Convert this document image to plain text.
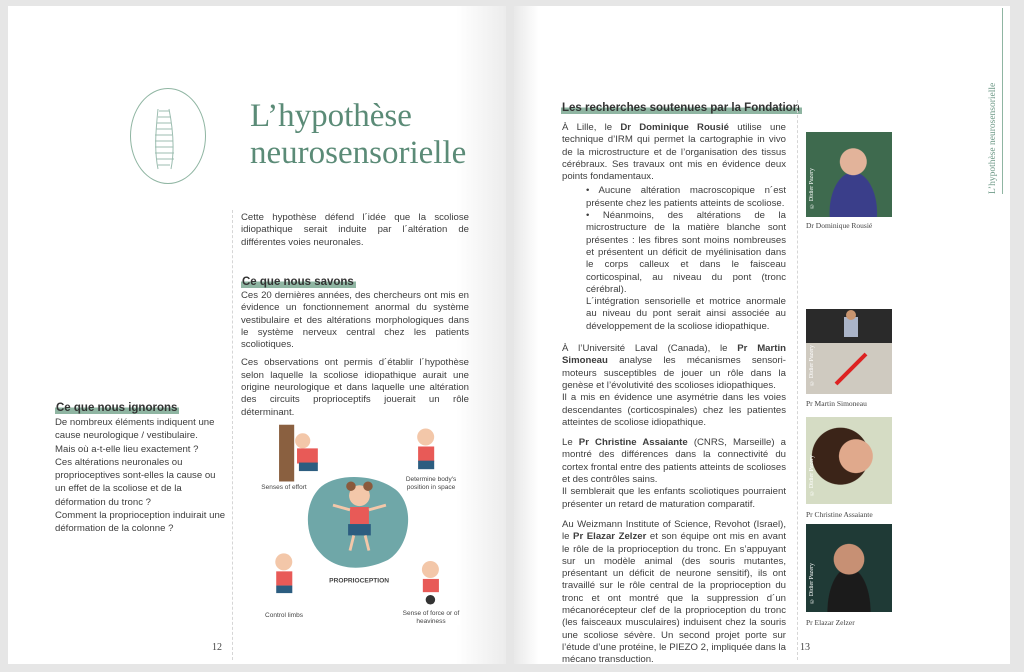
L’hypothèse
neurosensorielle

Cette hypothèse défend l´idée que la scoliose idiopathique serait induite par l´altération de différentes voies neuronales.

Ce que nous savons

Ces 20 dernières années, des chercheurs ont mis en évidence un fonctionnement anormal du système vestibulaire et des altérations morphologiques dans le système nerveux central chez les patients scoliotiques.

Ces observations ont permis d´établir l´hypothèse selon laquelle la scoliose idiopathique aurait une origine neurologique et dans laquelle une altération des circuits proprioceptifs jouerait un rôle déterminant.

Ce que nous ignorons
De nombreux éléments indiquent une cause neurologique / vestibulaire.
Mais où a-t-elle lieu exactement ?
Ces altérations neuronales ou proprioceptives sont-elles la cause ou un effet de la scoliose et de la déformation du tronc ?
Comment la proprioception induirait une déformation de la colonne ?
PROPRIOCEPTION
Senses of effort
Determine body's position in space
Control limbs	Sense of force or of heaviness
12
Les recherches soutenues par la Fondation

À Lille, le Dr Dominique Rousié utilise une technique d’IRM qui permet la cartographie in vivo de la microstructure et de l’organisation des tissus cérébraux. Ses travaux ont mis en évidence deux points fondamentaux.

• Aucune altération macroscopique n´est présente chez les patients atteints de scoliose.
• Néanmoins, des altérations de la microstructure de la matière blanche sont présentes : les fibres sont moins nombreuses et présentent un déficit de myélinisation dans le corps calleux et dans le faisceau corticospinal, au niveau du pont (tronc cérébral).

L´intégration sensorielle et motrice anormale au niveau du pont serait ainsi associée au développement de la scoliose idiopathique.

À l’Université Laval (Canada), le Pr Martin Simoneau analyse les mécanismes sensori-moteurs susceptibles de jouer un rôle dans la genèse et l’évolutivité des scolioses idiopathiques.

Il a mis en évidence une asymétrie dans les voies descendantes (corticospinales) chez les patientes atteintes de scoliose idiopathique.

Le Pr Christine Assaiante (CNRS, Marseille) a montré des différences dans la connectivité du cortex frontal entre des patients atteints de scolioses et des contrôles sains.

Il semblerait que les enfants scoliotiques pourraient présenter un retard de maturation comparatif.

Au Weizmann Institute of Science, Revohot (Israel), le Pr Elazar Zelzer et son équipe ont mis en avant le rôle de la proprioception du tronc. En s’appuyant sur un modèle animal (des souris mutantes, présentant un déficit de neurone sensitif), ils ont travaillé sur le rôle central de la proprioception du tronc et ont montré que la suppression d´un mécanorécepteur clef de la proprioception du tronc (les faisceaux musculaires) induisent chez la souris une scoliose sévère. Un second projet porte sur l’étude d’une protéine, le PIEZO 2, impliquée dans la mécano transduction.

© Didier Pazery
Dr Dominique Rousié
© Didier Pazery
Pr Martin Simoneau
© Didier Pazery
Pr Christine Assaiante
© Didier Pazery
Pr Elazar Zelzer
L’hypothèse neurosensorielle
13
